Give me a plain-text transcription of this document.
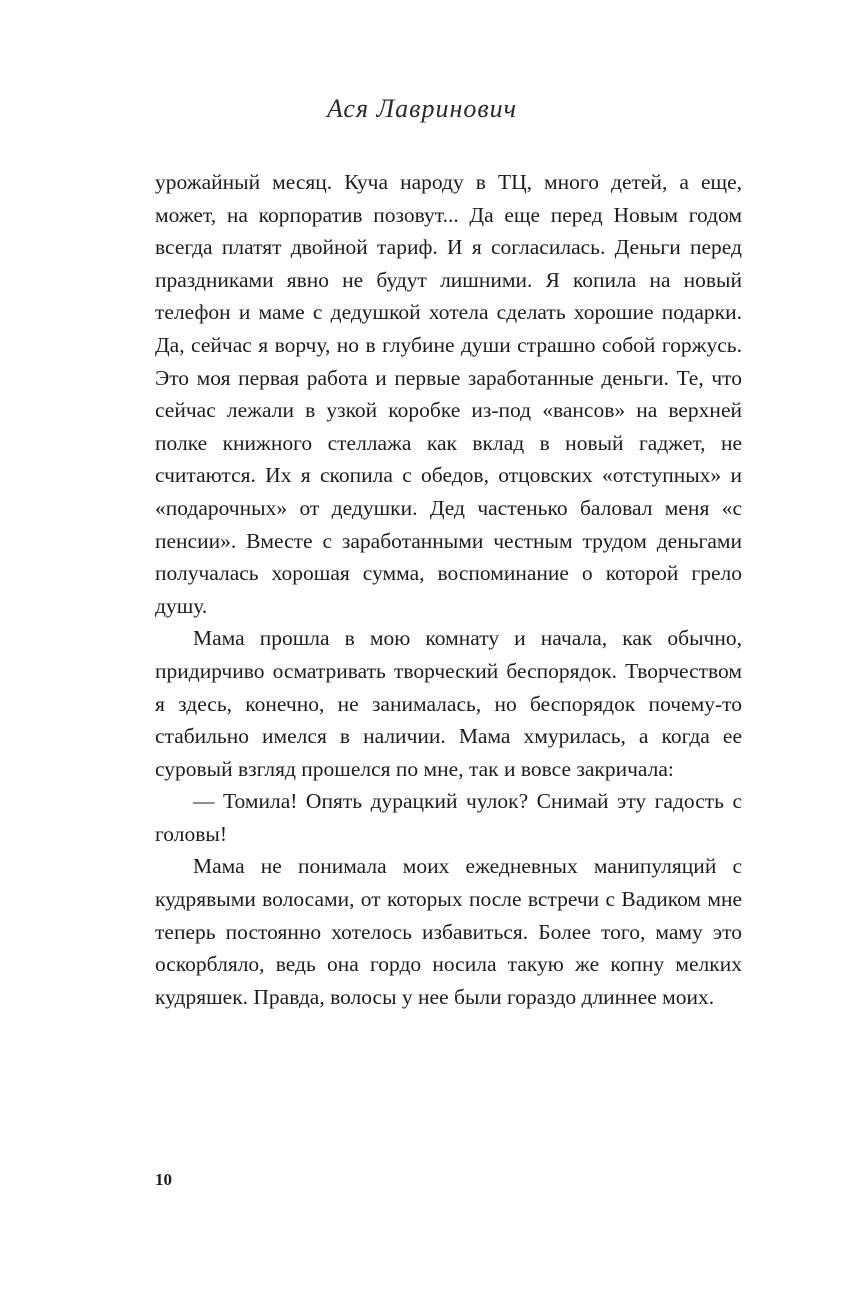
Ася Лавринович

урожайный месяц. Куча народу в ТЦ, много детей, а еще, может, на корпоратив позовут... Да еще перед Новым годом всегда платят двойной тариф. И я согласилась. Деньги перед праздниками явно не будут лишними. Я копила на новый телефон и маме с дедушкой хотела сделать хорошие подарки. Да, сейчас я ворчу, но в глубине души страшно собой горжусь. Это моя первая работа и первые заработанные деньги. Те, что сейчас лежали в узкой коробке из-под «вансов» на верхней полке книжного стеллажа как вклад в новый гаджет, не считаются. Их я скопила с обедов, отцовских «отступных» и «подарочных» от дедушки. Дед частенько баловал меня «с пенсии». Вместе с заработанными честным трудом деньгами получалась хорошая сумма, воспоминание о которой грело душу.

Мама прошла в мою комнату и начала, как обычно, придирчиво осматривать творческий беспорядок. Творчеством я здесь, конечно, не занималась, но беспорядок почему-то стабильно имелся в наличии. Мама хмурилась, а когда ее суровый взгляд прошелся по мне, так и вовсе закричала:

— Томила! Опять дурацкий чулок? Снимай эту гадость с головы!

Мама не понимала моих ежедневных манипуляций с кудрявыми волосами, от которых после встречи с Вадиком мне теперь постоянно хотелось избавиться. Более того, маму это оскорбляло, ведь она гордо носила такую же копну мелких кудряшек. Правда, волосы у нее были гораздо длиннее моих.

10
